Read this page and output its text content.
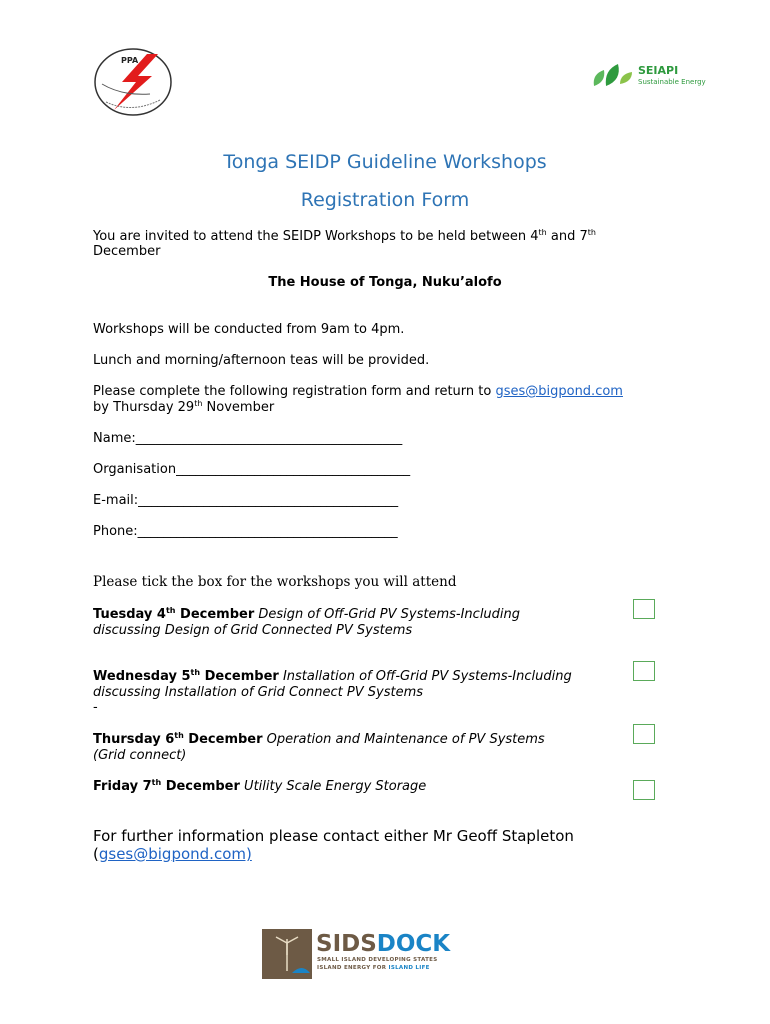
PPA
SEIAPI
Sustainable Energy
Tonga SEIDP Guideline Workshops
Registration Form
You are invited to attend the SEIDP Workshops to be held between 4th and 7th
December
The House of Tonga, Nuku’alofo
Workshops will be conducted from 9am to 4pm.
Lunch and morning/afternoon teas will be provided.
Please complete the following registration form and return to gses@bigpond.com
by Thursday 29th November
Name:_________________________________________
Organisation____________________________________
E-mail:________________________________________
Phone:________________________________________
Please tick the box for the workshops you will attend
Tuesday 4th December Design of Off-Grid PV Systems-Including
discussing Design of Grid Connected PV Systems
Wednesday 5th December Installation of Off-Grid PV Systems-Including
discussing Installation of Grid Connect PV Systems
-
Thursday 6th December Operation and Maintenance of PV Systems
(Grid connect)
Friday 7th December Utility Scale Energy Storage
For further information please contact either Mr Geoff Stapleton
(gses@bigpond.com)
SIDSDOCK
SMALL ISLAND DEVELOPING STATES
ISLAND ENERGY FOR ISLAND LIFE
